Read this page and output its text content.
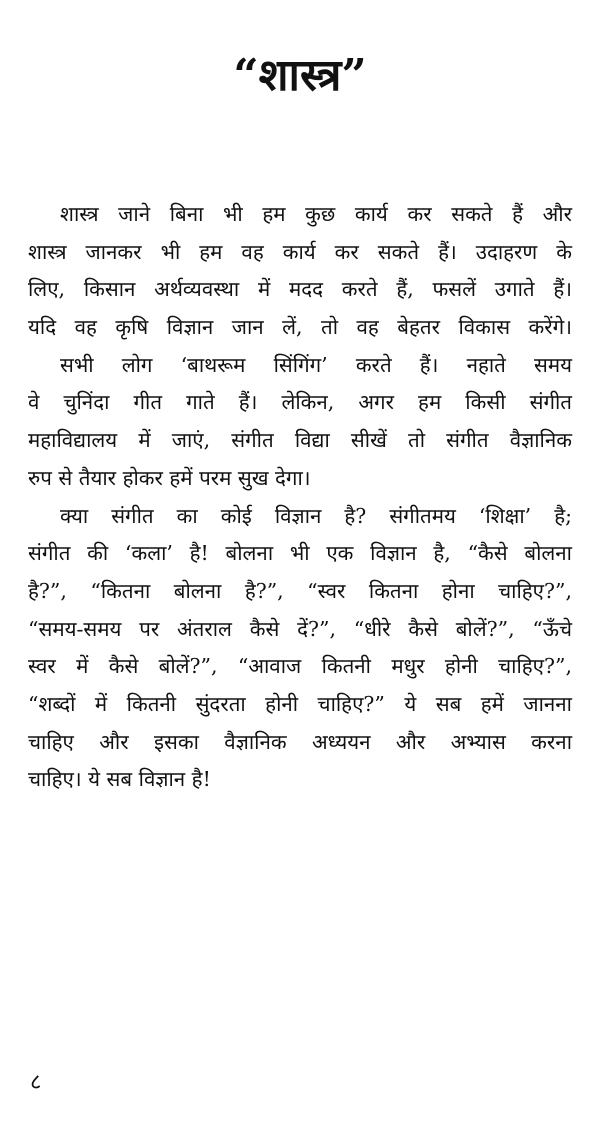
“शास्त्र”
शास्त्र जाने बिना भी हम कुछ कार्य कर सकते हैं और
शास्त्र जानकर भी हम वह कार्य कर सकते हैं। उदाहरण के
लिए, किसान अर्थव्यवस्था में मदद करते हैं, फसलें उगाते हैं।
यदि वह कृषि विज्ञान जान लें, तो वह बेहतर विकास करेंगे।
सभी लोग ‘बाथरूम सिंगिंग’ करते हैं। नहाते समय
वे चुनिंदा गीत गाते हैं। लेकिन, अगर हम किसी संगीत
महाविद्यालय में जाएं, संगीत विद्या सीखें तो संगीत वैज्ञानिक
रुप से तैयार होकर हमें परम सुख देगा।
क्या संगीत का कोई विज्ञान है? संगीतमय ‘शिक्षा’ है;
संगीत की ‘कला’ है! बोलना भी एक विज्ञान है, “कैसे बोलना
है?”, “कितना बोलना है?”, “स्वर कितना होना चाहिए?”,
“समय-समय पर अंतराल कैसे दें?”, “धीरे कैसे बोलें?”, “ऊँचे
स्वर में कैसे बोलें?”, “आवाज कितनी मधुर होनी चाहिए?”,
“शब्दों में कितनी सुंदरता होनी चाहिए?” ये सब हमें जानना
चाहिए और इसका वैज्ञानिक अध्ययन और अभ्यास करना
चाहिए। ये सब विज्ञान है!
८
